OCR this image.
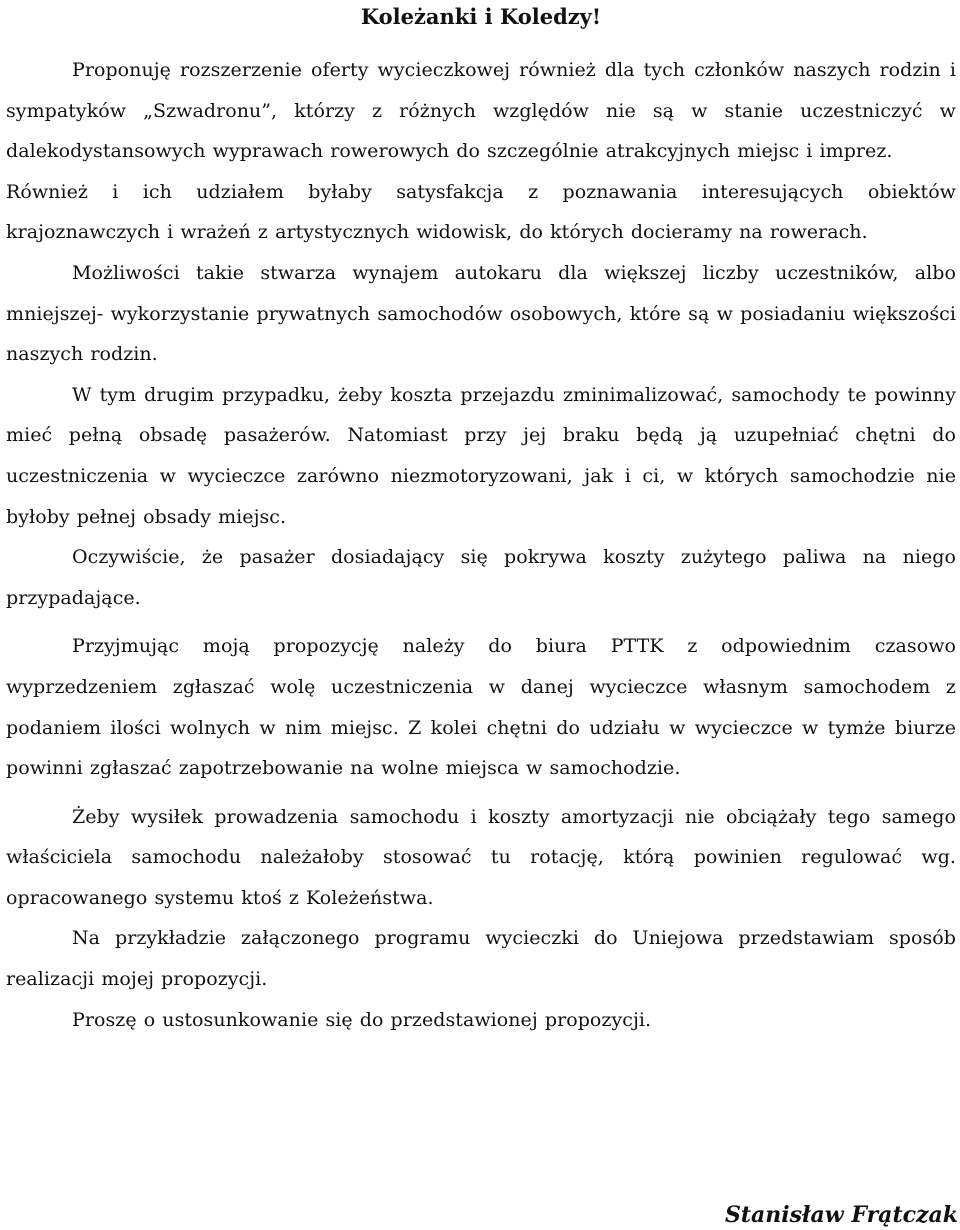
Koleżanki i Koledzy!

Proponuję rozszerzenie oferty wycieczkowej również dla tych członków naszych rodzin i sympatyków „Szwadronu”, którzy z różnych względów nie są w stanie uczestniczyć w dalekodystansowych wyprawach rowerowych do szczególnie atrakcyjnych miejsc i imprez.

Również i ich udziałem byłaby satysfakcja z poznawania interesujących obiektów krajoznawczych i wrażeń z artystycznych widowisk, do których docieramy na rowerach.

Możliwości takie stwarza wynajem autokaru dla większej liczby uczestników, albo mniejszej- wykorzystanie prywatnych samochodów osobowych, które są w posiadaniu większości naszych rodzin.

W tym drugim przypadku, żeby koszta przejazdu zminimalizować, samochody te powinny mieć pełną obsadę pasażerów. Natomiast przy jej braku będą ją uzupełniać chętni do uczestniczenia w wycieczce zarówno niezmotoryzowani, jak i ci, w których samochodzie nie byłoby pełnej obsady miejsc.

Oczywiście, że pasażer dosiadający się pokrywa koszty zużytego paliwa na niego przypadające.

Przyjmując moją propozycję należy do biura PTTK z odpowiednim czasowo wyprzedzeniem zgłaszać wolę uczestniczenia w danej wycieczce własnym samochodem z podaniem ilości wolnych w nim miejsc. Z kolei chętni do udziału w wycieczce w tymże biurze powinni zgłaszać zapotrzebowanie na wolne miejsca w samochodzie.

Żeby wysiłek prowadzenia samochodu i koszty amortyzacji nie obciążały tego samego właściciela samochodu należałoby stosować tu rotację, którą powinien regulować wg. opracowanego systemu ktoś z Koleżeństwa.

Na przykładzie załączonego programu wycieczki do Uniejowa przedstawiam sposób realizacji mojej propozycji.

Proszę o ustosunkowanie się do przedstawionej propozycji.

Stanisław Frątczak
